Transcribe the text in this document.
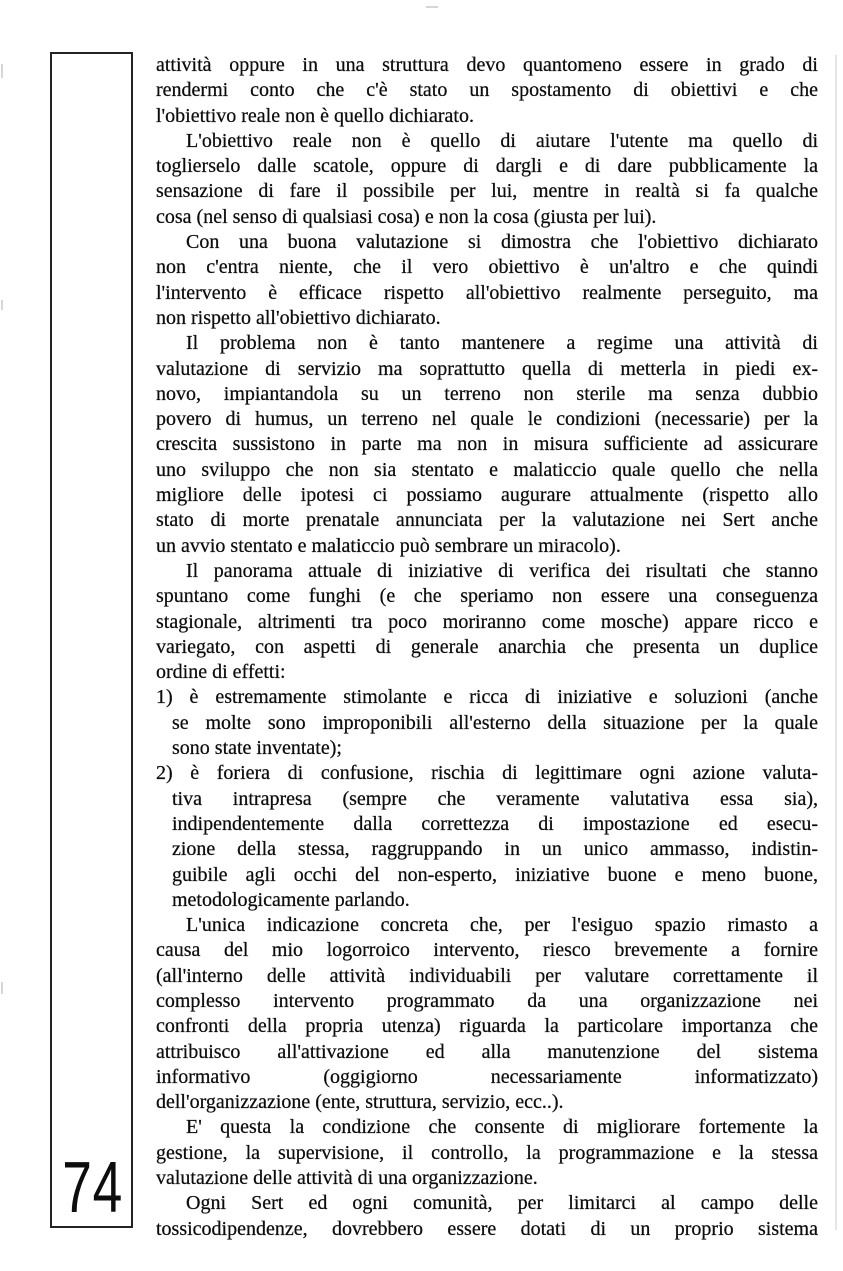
74
attività oppure in una struttura devo quantomeno essere in grado di
rendermi conto che c'è stato un spostamento di obiettivi e che
l'obiettivo reale non è quello dichiarato.
L'obiettivo reale non è quello di aiutare l'utente ma quello di
toglierselo dalle scatole, oppure di dargli e di dare pubblicamente la
sensazione di fare il possibile per lui, mentre in realtà si fa qualche
cosa (nel senso di qualsiasi cosa) e non la cosa (giusta per lui).
Con una buona valutazione si dimostra che l'obiettivo dichiarato
non c'entra niente, che il vero obiettivo è un'altro e che quindi
l'intervento è efficace rispetto all'obiettivo realmente perseguito, ma
non rispetto all'obiettivo dichiarato.
Il problema non è tanto mantenere a regime una attività di
valutazione di servizio ma soprattutto quella di metterla in piedi ex-
novo, impiantandola su un terreno non sterile ma senza dubbio
povero di humus, un terreno nel quale le condizioni (necessarie) per la
crescita sussistono in parte ma non in misura sufficiente ad assicurare
uno sviluppo che non sia stentato e malaticcio quale quello che nella
migliore delle ipotesi ci possiamo augurare attualmente (rispetto allo
stato di morte prenatale annunciata per la valutazione nei Sert anche
un avvio stentato e malaticcio può sembrare un miracolo).
Il panorama attuale di iniziative di verifica dei risultati che stanno
spuntano come funghi (e che speriamo non essere una conseguenza
stagionale, altrimenti tra poco moriranno come mosche) appare ricco e
variegato, con aspetti di generale anarchia che presenta un duplice
ordine di effetti:
1) è estremamente stimolante e ricca di iniziative e soluzioni (anche
se molte sono improponibili all'esterno della situazione per la quale
sono state inventate);
2) è foriera di confusione, rischia di legittimare ogni azione valuta-
tiva intrapresa (sempre che veramente valutativa essa sia),
indipendentemente dalla correttezza di impostazione ed esecu-
zione della stessa, raggruppando in un unico ammasso, indistin-
guibile agli occhi del non-esperto, iniziative buone e meno buone,
metodologicamente parlando.
L'unica indicazione concreta che, per l'esiguo spazio rimasto a
causa del mio logorroico intervento, riesco brevemente a fornire
(all'interno delle attività individuabili per valutare correttamente il
complesso intervento programmato da una organizzazione nei
confronti della propria utenza) riguarda la particolare importanza che
attribuisco all'attivazione ed alla manutenzione del sistema
informativo (oggigiorno necessariamente informatizzato)
dell'organizzazione (ente, struttura, servizio, ecc..).
E' questa la condizione che consente di migliorare fortemente la
gestione, la supervisione, il controllo, la programmazione e la stessa
valutazione delle attività di una organizzazione.
Ogni Sert ed ogni comunità, per limitarci al campo delle
tossicodipendenze, dovrebbero essere dotati di un proprio sistema
